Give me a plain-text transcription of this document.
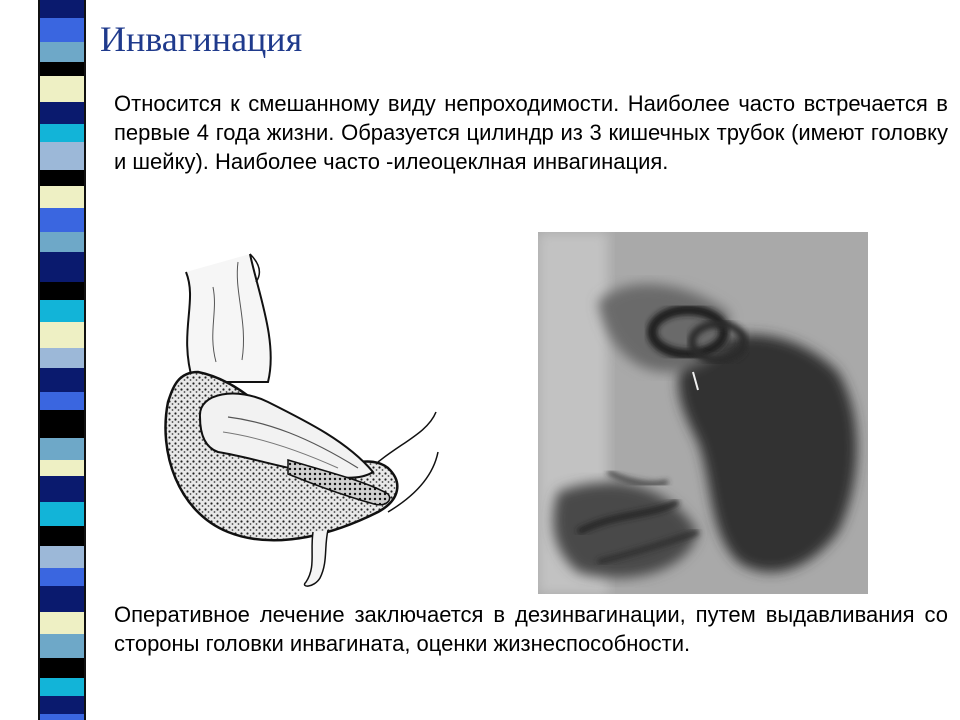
Инвагинация

Относится к смешанному виду непроходимости. Наиболее часто встречается в первые 4 года жизни. Образуется цилиндр из 3 кишечных трубок (имеют головку и шейку). Наиболее часто -илеоцеклная инвагинация.

Оперативное лечение заключается в дезинвагинации, путем выдавливания со стороны головки инвагината, оценки жизнеспособности.
